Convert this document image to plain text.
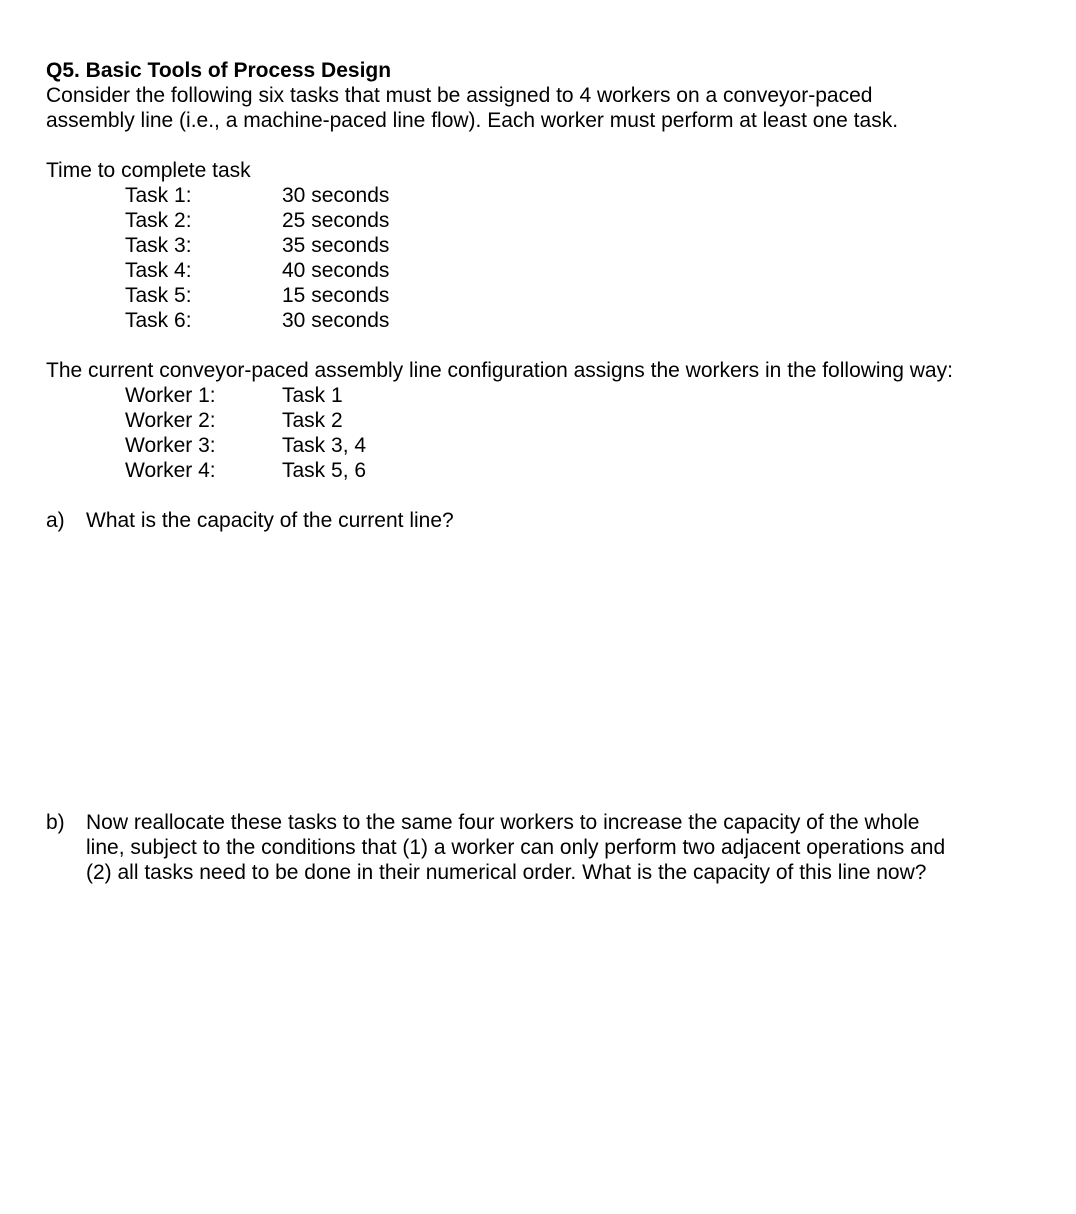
Q5. Basic Tools of Process Design

Consider the following six tasks that must be assigned to 4 workers on a conveyor-paced

assembly line (i.e., a machine-paced line flow). Each worker must perform at least one task.

Time to complete task
Task 1:	30 seconds
Task 2:	25 seconds
Task 3:	35 seconds
Task 4:	40 seconds
Task 5:	15 seconds
Task 6:	30 seconds
The current conveyor-paced assembly line configuration assigns the workers in the following way:
Worker 1:	Task 1
Worker 2:	Task 2
Worker 3:	Task 3, 4
Worker 4:	Task 5, 6
a)	What is the capacity of the current line?
b)	Now reallocate these tasks to the same four workers to increase the capacity of the whole
line, subject to the conditions that (1) a worker can only perform two adjacent operations and
(2) all tasks need to be done in their numerical order. What is the capacity of this line now?
